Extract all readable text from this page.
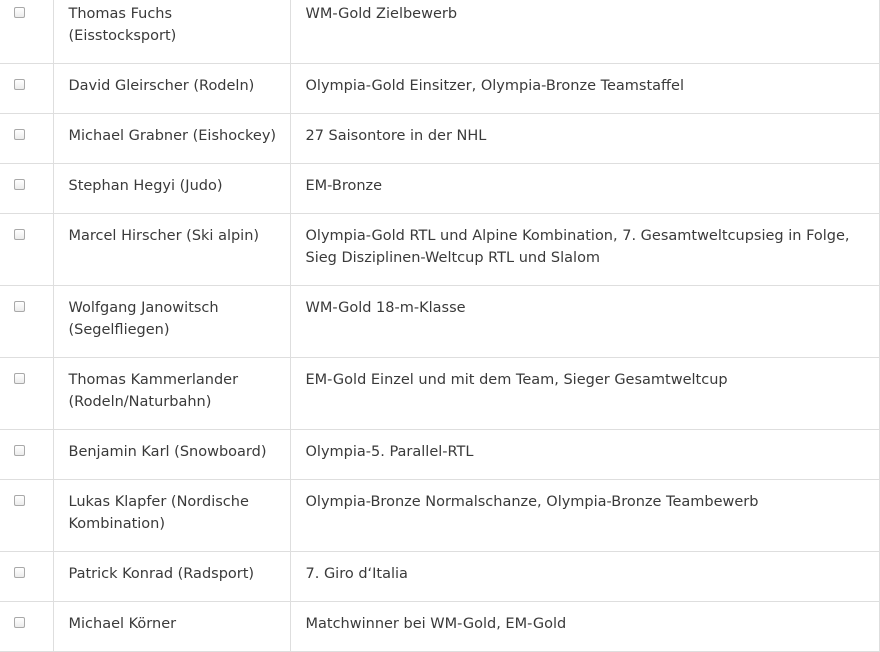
	Thomas Fuchs (Eisstocksport)	WM-Gold Zielbewerb
	David Gleirscher (Rodeln)	Olympia-Gold Einsitzer, Olympia-Bronze Teamstaffel
	Michael Grabner (Eishockey)	27 Saisontore in der NHL
	Stephan Hegyi (Judo)	EM-Bronze
	Marcel Hirscher (Ski alpin)	Olympia-Gold RTL und Alpine Kombination, 7. Gesamtweltcupsieg in Folge, Sieg Disziplinen-Weltcup RTL und Slalom
	Wolfgang Janowitsch (Segelfliegen)	WM-Gold 18-m-Klasse
	Thomas Kammerlander (Rodeln/Naturbahn)	EM-Gold Einzel und mit dem Team, Sieger Gesamtweltcup
	Benjamin Karl (Snowboard)	Olympia-5. Parallel-RTL
	Lukas Klapfer (Nordische Kombination)	Olympia-Bronze Normalschanze, Olympia-Bronze Teambewerb
	Patrick Konrad (Radsport)	7. Giro d‘Italia
	Michael Körner	Matchwinner bei WM-Gold, EM-Gold
